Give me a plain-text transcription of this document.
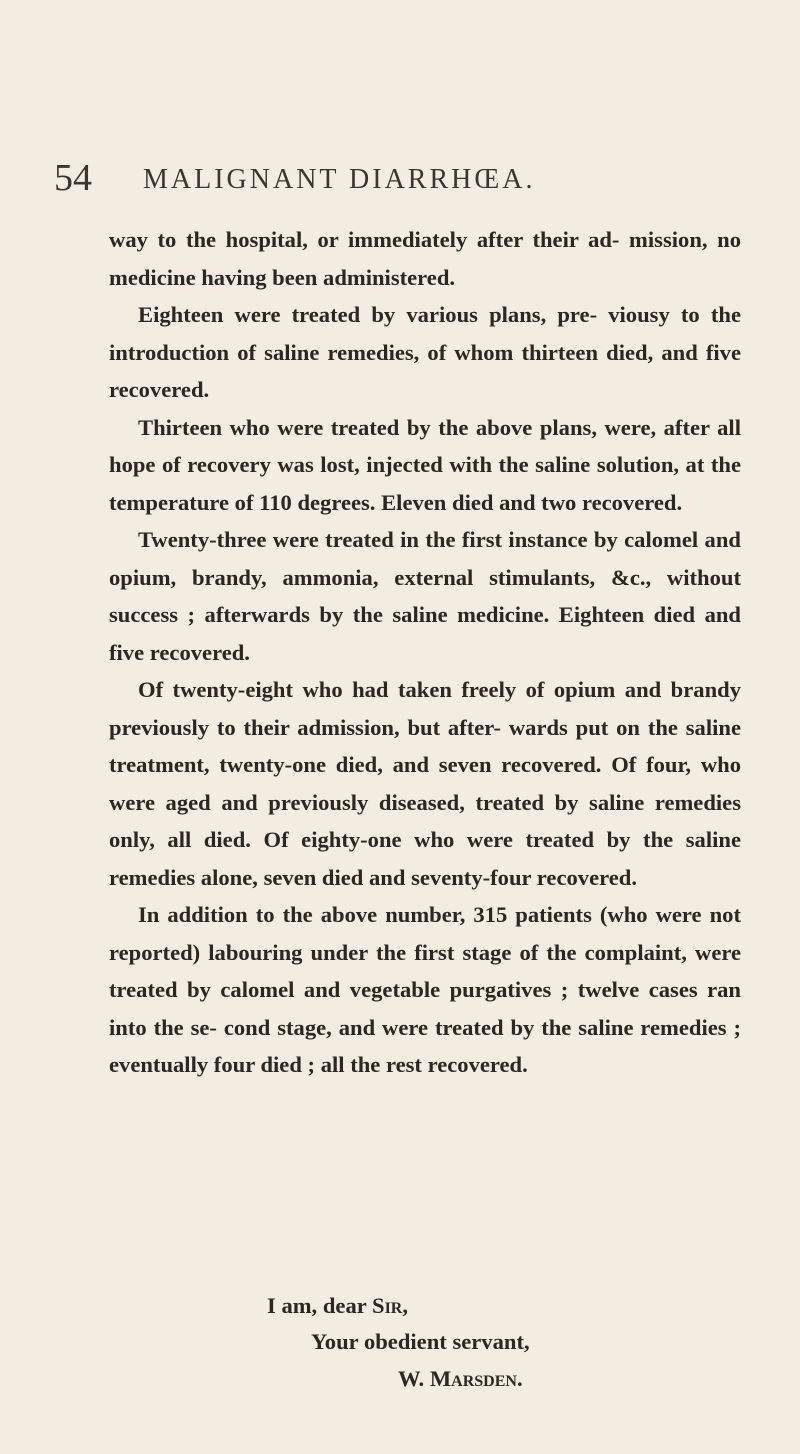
54 MALIGNANT DIARRHŒA.

way to the hospital, or immediately after their ad- mission, no medicine having been administered.

Eighteen were treated by various plans, pre- viousy to the introduction of saline remedies, of whom thirteen died, and five recovered.

Thirteen who were treated by the above plans, were, after all hope of recovery was lost, injected with the saline solution, at the temperature of 110 degrees. Eleven died and two recovered.

Twenty-three were treated in the first instance by calomel and opium, brandy, ammonia, external stimulants, &c., without success ; afterwards by the saline medicine. Eighteen died and five recovered.

Of twenty-eight who had taken freely of opium and brandy previously to their admission, but after- wards put on the saline treatment, twenty-one died, and seven recovered. Of four, who were aged and previously diseased, treated by saline remedies only, all died. Of eighty-one who were treated by the saline remedies alone, seven died and seventy-four recovered.

In addition to the above number, 315 patients (who were not reported) labouring under the first stage of the complaint, were treated by calomel and vegetable purgatives ; twelve cases ran into the se- cond stage, and were treated by the saline remedies ; eventually four died ; all the rest recovered.

I am, dear Sir,
Your obedient servant,
W. Marsden.
